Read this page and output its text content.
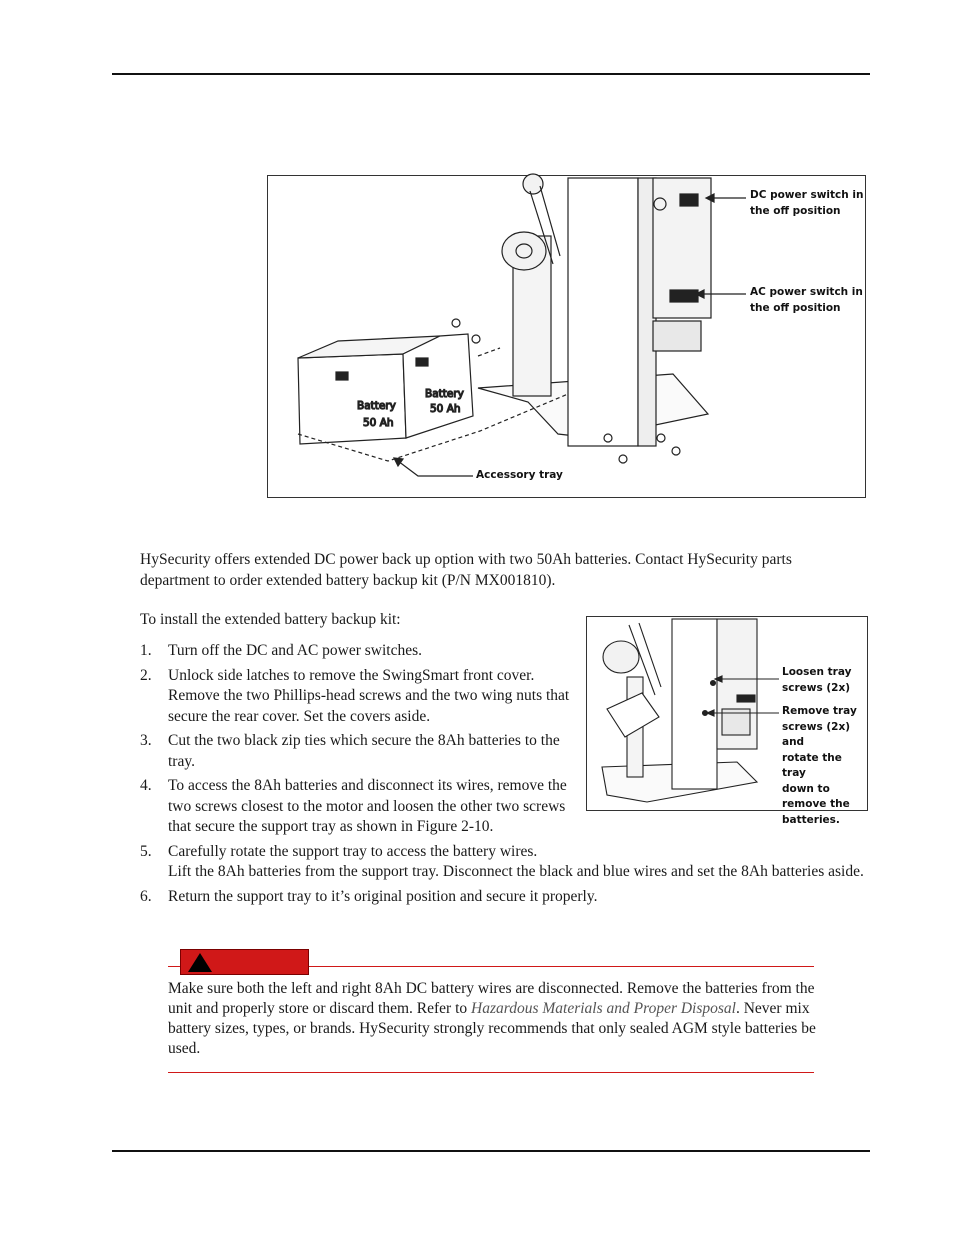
Battery
50 Ah
Battery
50 Ah
DC power switch in
the off position
AC power switch in
the off position
Accessory tray
HySecurity offers extended DC power back up option with two 50Ah batteries. Contact HySecurity parts department to order extended battery backup kit (P/N MX001810).
To install the extended battery backup kit:
Loosen tray
screws (2x)
Remove tray
screws (2x) and
rotate the tray
down to
remove the
batteries.
1. Turn off the DC and AC power switches.
2. Unlock side latches to remove the SwingSmart front cover. Remove the two Phillips-head screws and the two wing nuts that secure the rear cover. Set the covers aside.
3. Cut the two black zip ties which secure the 8Ah batteries to the tray.
4. To access the 8Ah batteries and disconnect its wires, remove the two screws closest to the motor and loosen the other two screws that secure the support tray as shown in Figure 2-10.
5. Carefully rotate the support tray to access the battery wires.
Lift the 8Ah batteries from the support tray. Disconnect the black and blue wires and set the 8Ah batteries aside.
6. Return the support tray to it’s original position and secure it properly.
Make sure both the left and right 8Ah DC battery wires are disconnected. Remove the batteries from the unit and properly store or discard them. Refer to Hazardous Materials and Proper Disposal. Never mix battery sizes, types, or brands. HySecurity strongly recommends that only sealed AGM style batteries be used.
